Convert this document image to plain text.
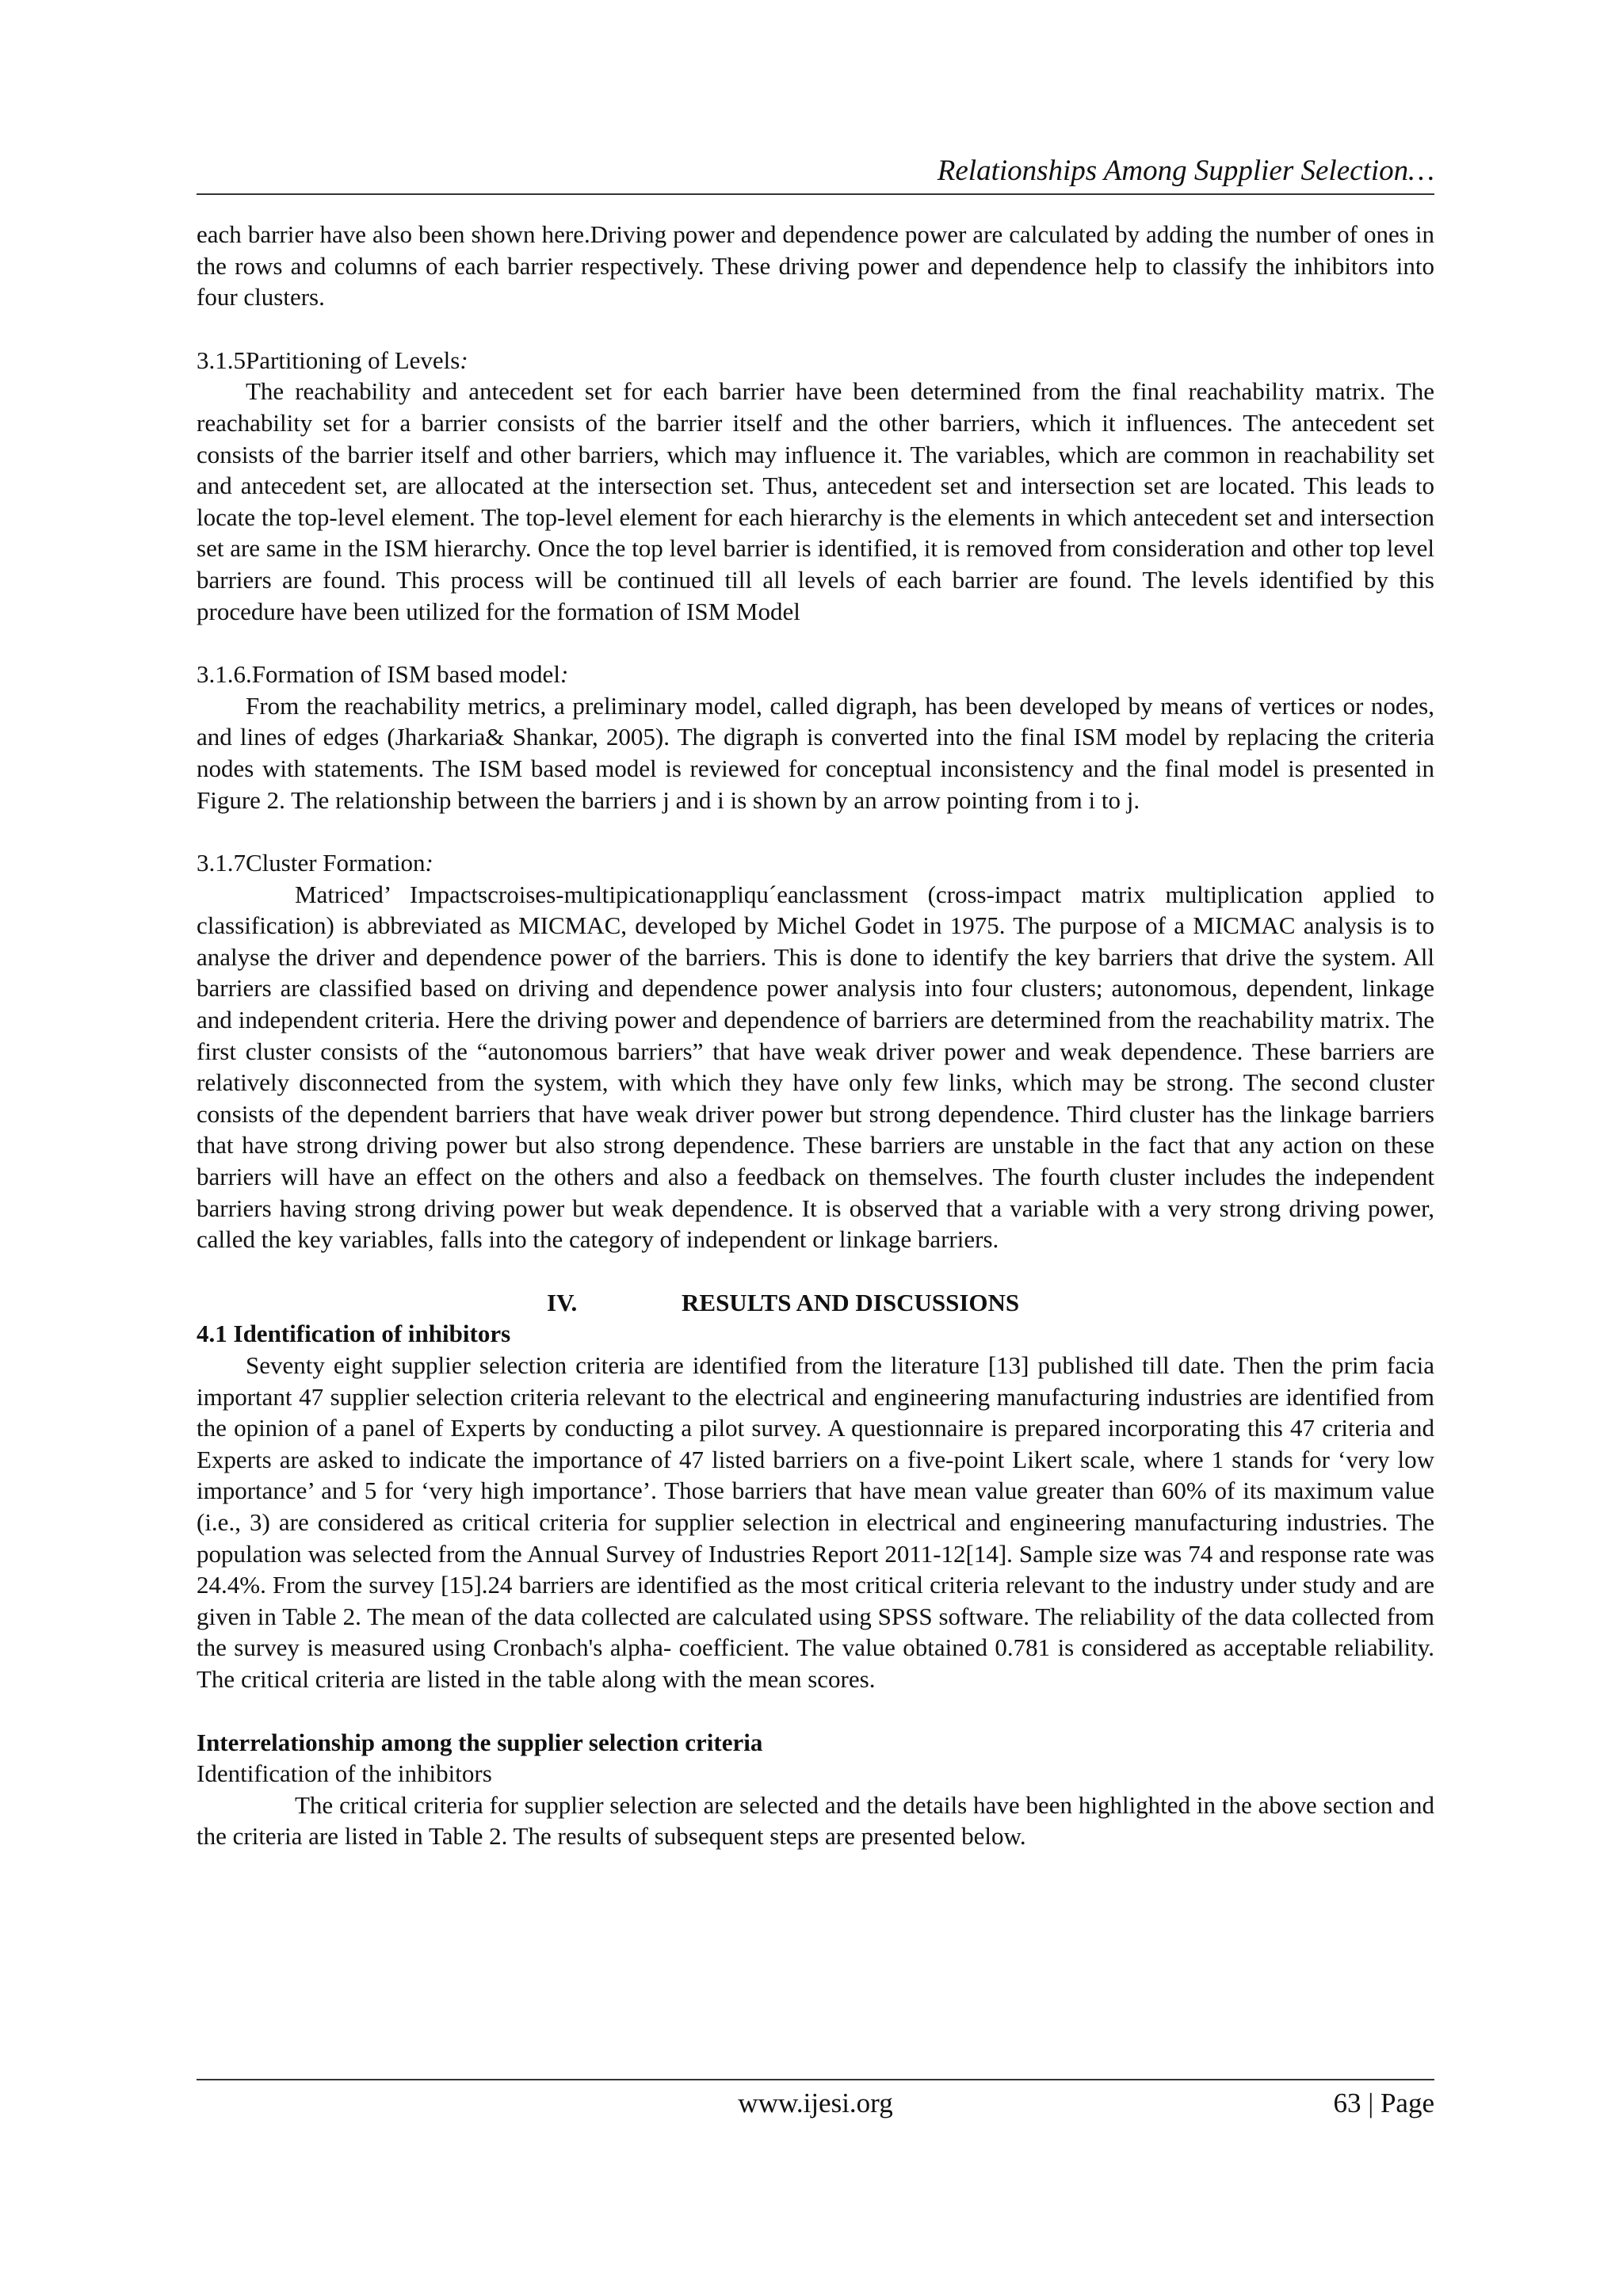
Relationships Among Supplier Selection…

each barrier have also been shown here.Driving power and dependence power are calculated by adding the number of ones in the rows and columns of each barrier respectively. These driving power and dependence help to classify the inhibitors into four clusters.

3.1.5Partitioning of Levels:

The reachability and antecedent set for each barrier have been determined from the final reachability matrix. The reachability set for a barrier consists of the barrier itself and the other barriers, which it influences. The antecedent set consists of the barrier itself and other barriers, which may influence it. The variables, which are common in reachability set and antecedent set, are allocated at the intersection set. Thus, antecedent set and intersection set are located. This leads to locate the top-level element. The top-level element for each hierarchy is the elements in which antecedent set and intersection set are same in the ISM hierarchy. Once the top level barrier is identified, it is removed from consideration and other top level barriers are found. This process will be continued till all levels of each barrier are found. The levels identified by this procedure have been utilized for the formation of ISM Model

3.1.6.Formation of ISM based model:

From the reachability metrics, a preliminary model, called digraph, has been developed by means of vertices or nodes, and lines of edges (Jharkaria& Shankar, 2005). The digraph is converted into the final ISM model by replacing the criteria nodes with statements. The ISM based model is reviewed for conceptual inconsistency and the final model is presented in Figure 2. The relationship between the barriers j and i is shown by an arrow pointing from i to j.

3.1.7Cluster Formation:

Matriced’ Impactscroises-multipicationappliqu´eanclassment (cross-impact matrix multiplication applied to classification) is abbreviated as MICMAC, developed by Michel Godet in 1975. The purpose of a MICMAC analysis is to analyse the driver and dependence power of the barriers. This is done to identify the key barriers that drive the system. All barriers are classified based on driving and dependence power analysis into four clusters; autonomous, dependent, linkage and independent criteria. Here the driving power and dependence of barriers are determined from the reachability matrix. The first cluster consists of the “autonomous barriers” that have weak driver power and weak dependence. These barriers are relatively disconnected from the system, with which they have only few links, which may be strong. The second cluster consists of the dependent barriers that have weak driver power but strong dependence. Third cluster has the linkage barriers that have strong driving power but also strong dependence. These barriers are unstable in the fact that any action on these barriers will have an effect on the others and also a feedback on themselves. The fourth cluster includes the independent barriers having strong driving power but weak dependence. It is observed that a variable with a very strong driving power, called the key variables, falls into the category of independent or linkage barriers.

IV.	RESULTS AND DISCUSSIONS

4.1 Identification of inhibitors

Seventy eight supplier selection criteria are identified from the literature [13] published till date. Then the prim facia important 47 supplier selection criteria relevant to the electrical and engineering manufacturing industries are identified from the opinion of a panel of Experts by conducting a pilot survey. A questionnaire is prepared incorporating this 47 criteria and Experts are asked to indicate the importance of 47 listed barriers on a five-point Likert scale, where 1 stands for ‘very low importance’ and 5 for ‘very high importance’. Those barriers that have mean value greater than 60% of its maximum value (i.e., 3) are considered as critical criteria for supplier selection in electrical and engineering manufacturing industries. The population was selected from the Annual Survey of Industries Report 2011-12[14]. Sample size was 74 and response rate was 24.4%. From the survey [15].24 barriers are identified as the most critical criteria relevant to the industry under study and are given in Table 2. The mean of the data collected are calculated using SPSS software. The reliability of the data collected from the survey is measured using Cronbach's alpha- coefficient. The value obtained 0.781 is considered as acceptable reliability. The critical criteria are listed in the table along with the mean scores.

Interrelationship among the supplier selection criteria

Identification of the inhibitors

The critical criteria for supplier selection are selected and the details have been highlighted in the above section and the criteria are listed in Table 2. The results of subsequent steps are presented below.

www.ijesi.org	63 | Page
